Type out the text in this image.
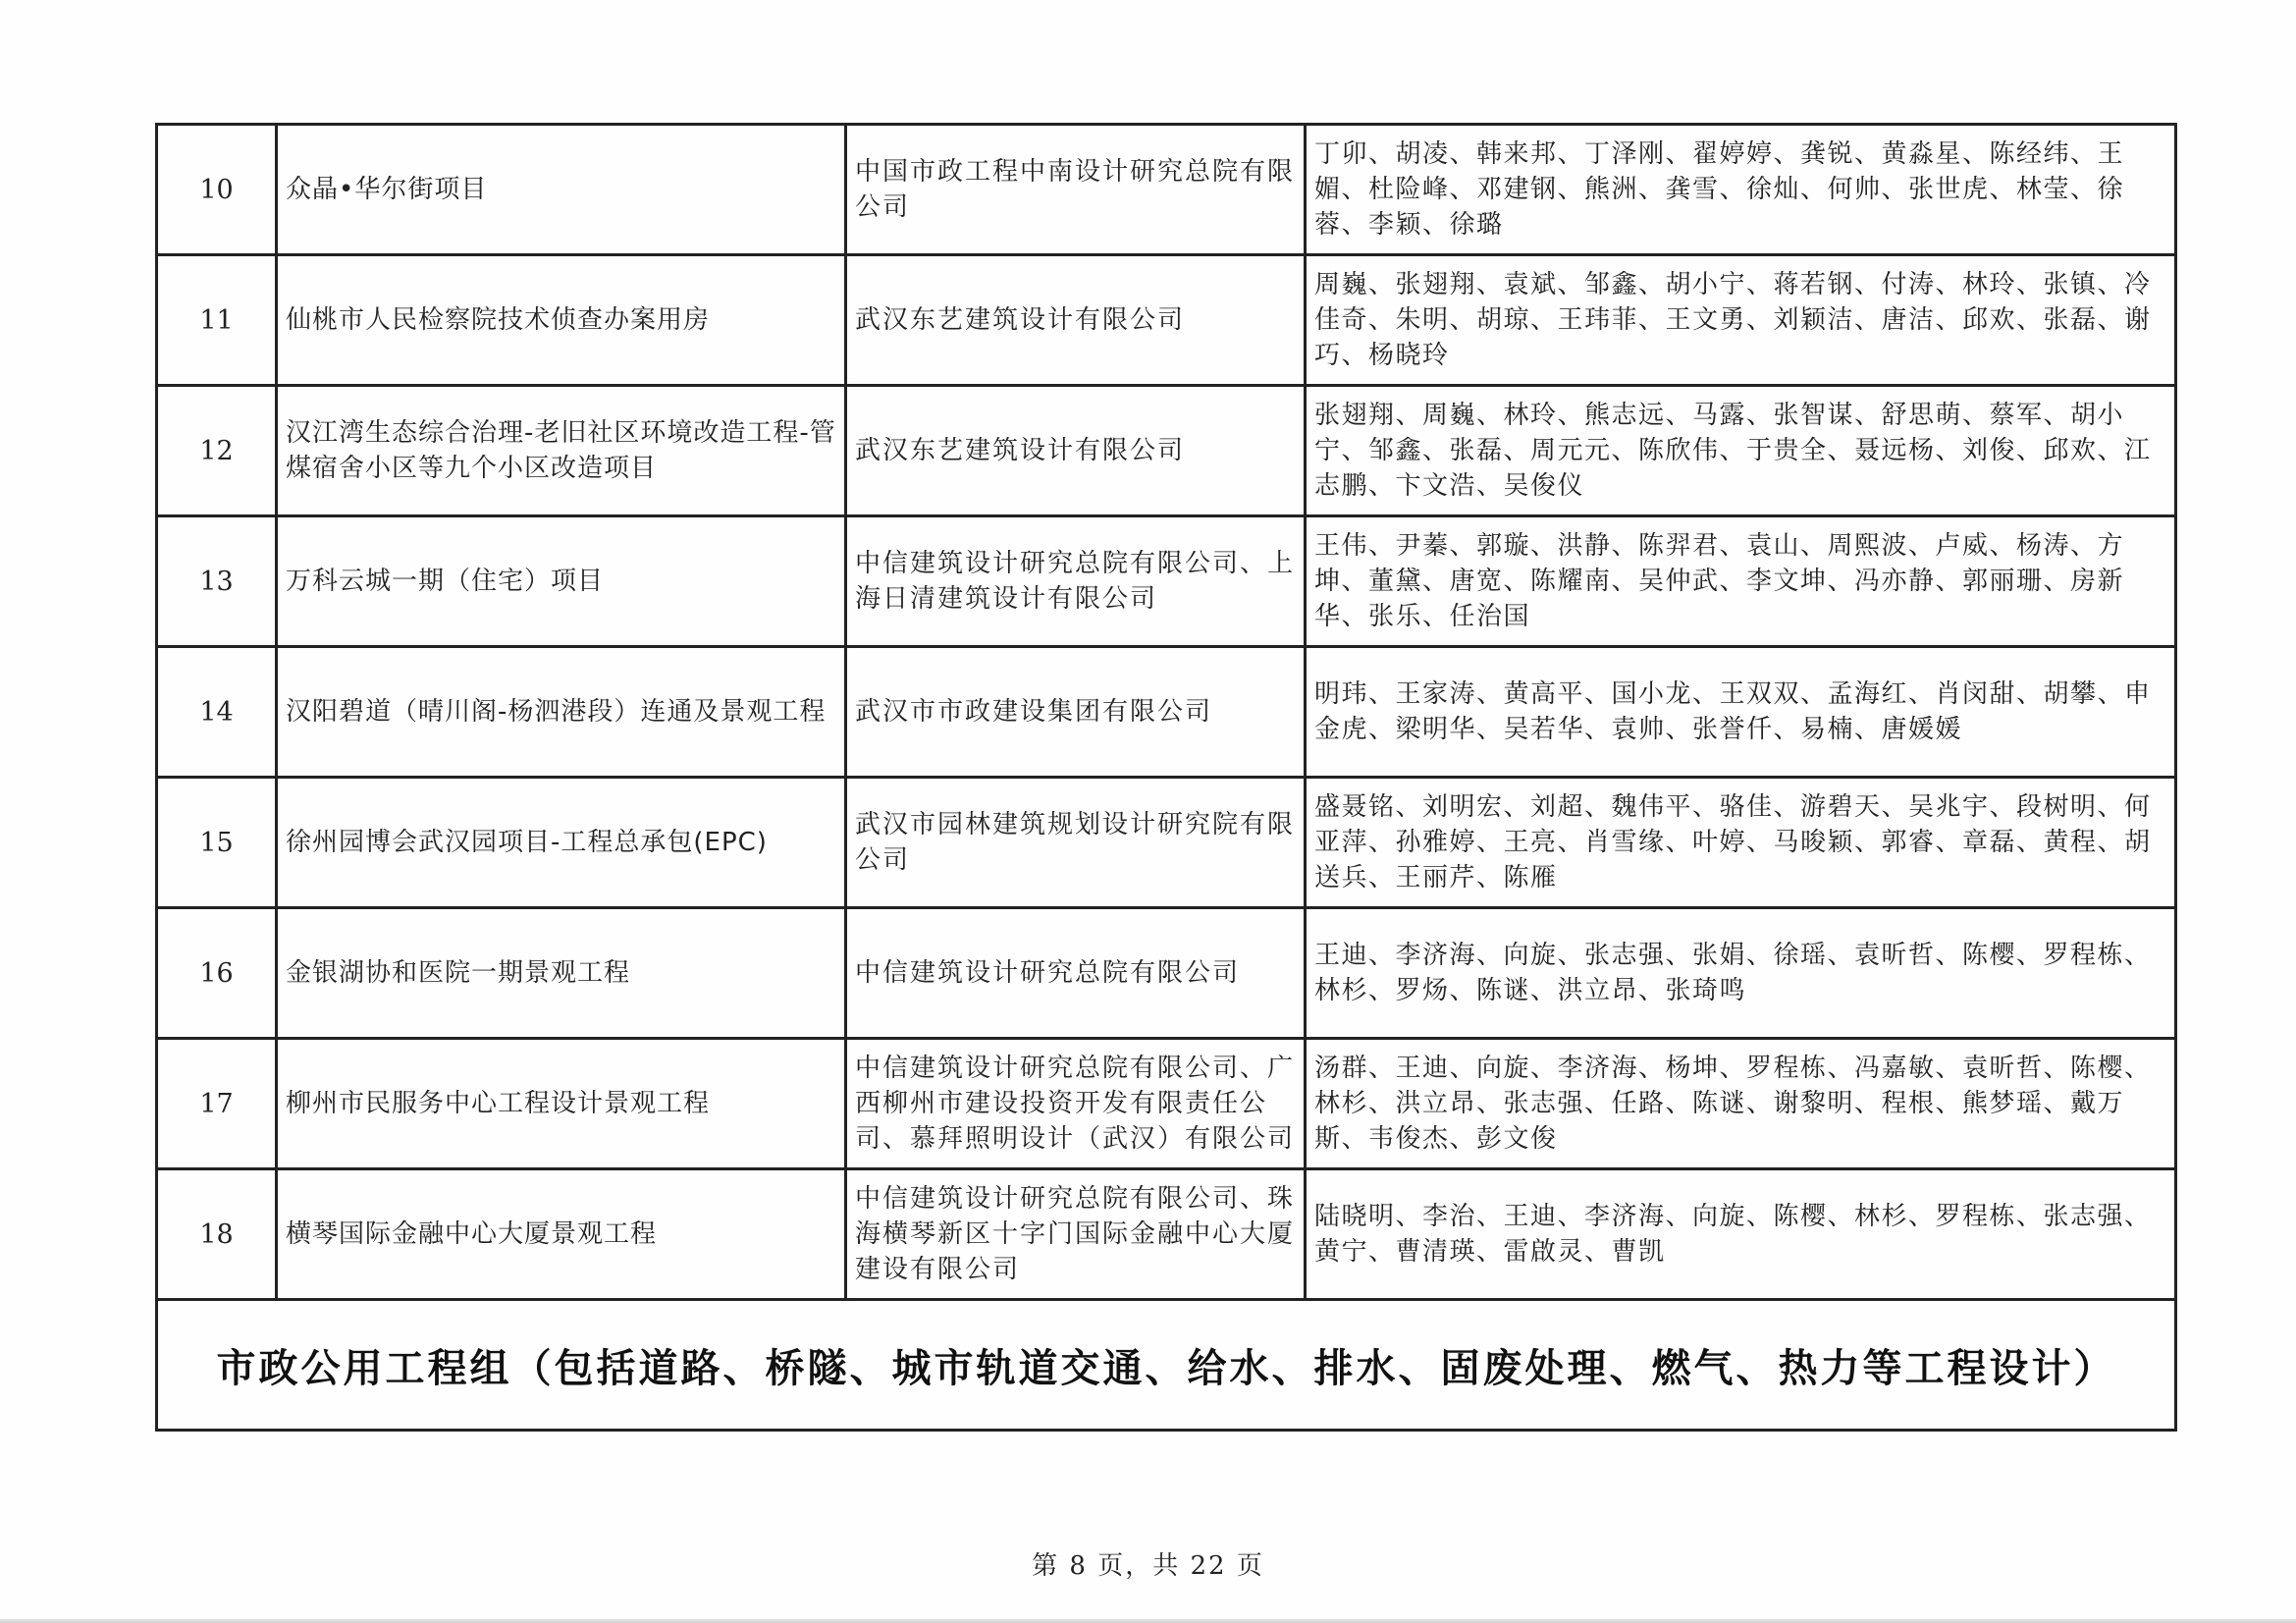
10	众晶•华尔街项目	中国市政工程中南设计研究总院有限公司	丁卯、胡凌、韩来邦、丁泽刚、翟婷婷、龚锐、黄淼星、陈经纬、王媚、杜险峰、邓建钢、熊洲、龚雪、徐灿、何帅、张世虎、林莹、徐蓉、李颖、徐璐
11	仙桃市人民检察院技术侦查办案用房	武汉东艺建筑设计有限公司	周巍、张翅翔、袁斌、邹鑫、胡小宁、蒋若钢、付涛、林玲、张镇、冷佳奇、朱明、胡琼、王玮菲、王文勇、刘颖洁、唐洁、邱欢、张磊、谢巧、杨晓玲
12	汉江湾生态综合治理-老旧社区环境改造工程-管煤宿舍小区等九个小区改造项目	武汉东艺建筑设计有限公司	张翅翔、周巍、林玲、熊志远、马露、张智谋、舒思萌、蔡军、胡小宁、邹鑫、张磊、周元元、陈欣伟、于贵全、聂远杨、刘俊、邱欢、江志鹏、卞文浩、吴俊仪
13	万科云城一期（住宅）项目	中信建筑设计研究总院有限公司、上海日清建筑设计有限公司	王伟、尹蓁、郭璇、洪静、陈羿君、袁山、周熙波、卢威、杨涛、方坤、董黛、唐宽、陈耀南、吴仲武、李文坤、冯亦静、郭丽珊、房新华、张乐、任治国
14	汉阳碧道（晴川阁-杨泗港段）连通及景观工程	武汉市市政建设集团有限公司	明玮、王家涛、黄高平、国小龙、王双双、孟海红、肖闵甜、胡攀、申金虎、梁明华、吴若华、袁帅、张誉仟、易楠、唐媛媛
15	徐州园博会武汉园项目-工程总承包(EPC)	武汉市园林建筑规划设计研究院有限公司	盛聂铭、刘明宏、刘超、魏伟平、骆佳、游碧天、吴兆宇、段树明、何亚萍、孙雅婷、王亮、肖雪缘、叶婷、马晙颖、郭睿、章磊、黄程、胡送兵、王丽芹、陈雁
16	金银湖协和医院一期景观工程	中信建筑设计研究总院有限公司	王迪、李济海、向旋、张志强、张娟、徐瑶、袁昕哲、陈樱、罗程栋、林杉、罗炀、陈谜、洪立昂、张琦鸣
17	柳州市民服务中心工程设计景观工程	中信建筑设计研究总院有限公司、广西柳州市建设投资开发有限责任公司、慕拜照明设计（武汉）有限公司	汤群、王迪、向旋、李济海、杨坤、罗程栋、冯嘉敏、袁昕哲、陈樱、林杉、洪立昂、张志强、任路、陈谜、谢黎明、程根、熊梦瑶、戴万斯、韦俊杰、彭文俊
18	横琴国际金融中心大厦景观工程	中信建筑设计研究总院有限公司、珠海横琴新区十字门国际金融中心大厦建设有限公司	陆晓明、李治、王迪、李济海、向旋、陈樱、林杉、罗程栋、张志强、黄宁、曹清瑛、雷啟灵、曹凯
市政公用工程组（包括道路、桥隧、城市轨道交通、给水、排水、固废处理、燃气、热力等工程设计）			
第 8 页，共 22 页
